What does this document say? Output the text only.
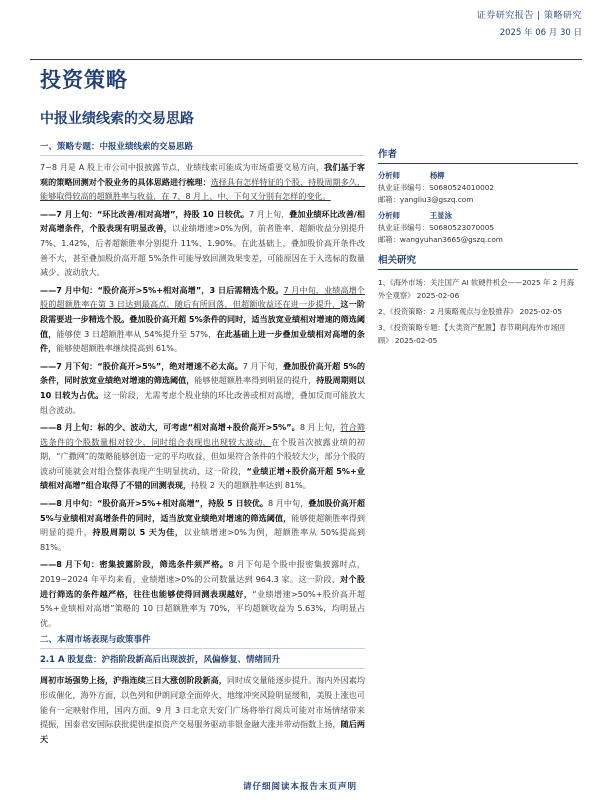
证券研究报告 | 策略研究
2025 年 06 月 30 日
投资策略
中报业绩线索的交易思路
一、策略专题：中报业绩线索的交易思路

7~8 月是 A 股上市公司中报披露节点，业绩线索可能成为市场重要交易方向，我们基于客观的策略回测对个股业务的具体思路进行梳理：选择具有怎样特征的个股、持股周期多久，能够取得较高的超额胜率与收益，在 7、8 月上、中、下旬又分别有怎样的变化。

——7 月上旬：“环比改善/相对高增”，持股 10 日较优。7 月上旬，叠加业绩环比改善/相对高增条件，个股表现有明显改善，以业绩增速>0%为例，前者胜率、超额收益分别提升 7%、1.42%，后者超额胜率分别提升 11%、1.90%。在此基础上，叠加股价高开条件改善不大，甚至叠加股价高开超 5%条件可能导致回测效果变差，可能原因在于入选标的数量减少、波动放大。

——7 月中旬：“股价高开>5%+相对高增”，3 日后需精选个股。7 月中旬，业绩高增个股的超额胜率在第 3 日达到最高点，随后有所回落，但超额收益还在进一步提升，这一阶段需要进一步精选个股。叠加股价高开超 5%条件的同时，适当放宽业绩相对增速的筛选阈值，能够使 3 日超额胜率从 54%提升至 57%，在此基础上进一步叠加业绩相对高增的条件，能够使超额胜率继续提高到 61%。

——7 月下旬：“股价高开>5%”，绝对增速不必太高。7 月下旬，叠加股价高开超 5%的条件，同时放宽业绩绝对增速的筛选阈值，能够使超额胜率得到明显的提升，持股周期则以 10 日较为占优。这一阶段，尤需考虑个股业绩的环比改善或相对高增，叠加反而可能放大组合波动。

——8 月上旬：标的少、波动大，可考虑“相对高增+股价高开>5%”。8 月上旬，符合筛选条件的个股数量相对较少，同时组合表现也出现较大波动，在个股首次披露业绩的初期，“广撒网”的策略能够创造一定的平均收益，但如果符合条件的个股较大少，部分个股的波动可能就会对组合整体表现产生明显扰动，这一阶段，“业绩正增+股价高开超 5%+业绩相对高增”组合取得了不错的回测表现，持股 2 天的超额胜率达到 81%。

——8 月中旬：“股价高开>5%+相对高增”，持股 5 日较优。8 月中旬，叠加股价高开超 5%与业绩相对高增条件的同时，适当放宽业绩绝对增速的筛选阈值，能够使超额胜率得到明显的提升，持股周期以 5 天为佳，以业绩增速>0%为例，超额胜率从 50%提高到 81%。

——8 月下旬：密集披露阶段，筛选条件须严格。8 月下旬是个股中报密集披露时点，2019~2024 年平均来看，业绩增速>0%的公司数量达到 964.3 家。这一阶段，对个股进行筛选的条件越严格，往往也能够使得回测表现越好，“业绩增速>50%+股价高开超 5%+业绩相对高增”策略的 10 日超额胜率为 70%，平均超额收益为 5.63%，均明显占优。

二、本周市场表现与政策事件
2.1 A 股复盘：沪指阶段新高后出现波折，风偏修复、情绪回升

周初市场强势上扬，沪指连续三日大涨创阶段新高，同时成交量能逐步提升。海内外因素均形成催化，海外方面，以色列和伊朗同意全面停火，地缘冲突风险明显缓和，美股上涨也可能有一定映射作用，国内方面，9 月 3 日北京天安门广场将举行阅兵可能对市场情绪带来提振，国泰君安国际获批提供虚拟资产交易服务驱动非银金融大涨并带动指数上扬，随后两天

作者
分析师	杨柳
执业证书编号：S0680524010002
邮箱：yangliu3@gszq.com
分析师	王显泳
执业证书编号：S0680523070005
邮箱：wangyuhan3665@gszq.com
相关研究
1、《海外市场：关注国产 AI 软硬件机会——2025 年 2 月海外全观察》 2025-02-06
2、《投资策略：2 月策略观点与金股推荐》 2025-02-05
3、《投资策略专题：【大类资产配置】春节期间海外市场回顾》 2025-02-05
请仔细阅读本报告末页声明
